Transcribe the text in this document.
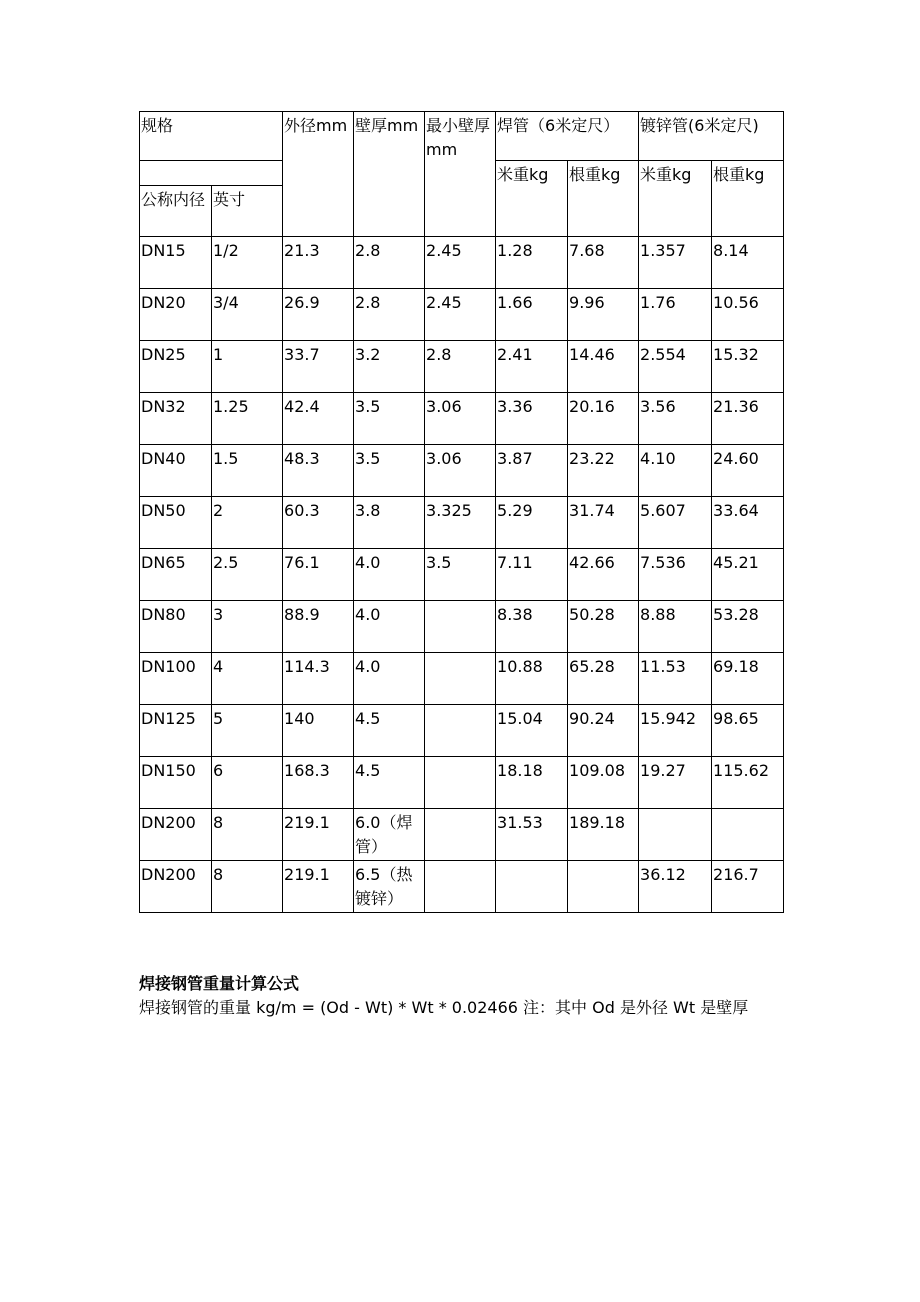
规格		外径mm	壁厚mm	最小壁厚mm	焊管（6米定尺）		镀锌管(6米定尺)	
					米重kg	根重kg	米重kg	根重kg
公称内径	英寸							
DN15	1/2	21.3	2.8	2.45	1.28	7.68	1.357	8.14
DN20	3/4	26.9	2.8	2.45	1.66	9.96	1.76	10.56
DN25	1	33.7	3.2	2.8	2.41	14.46	2.554	15.32
DN32	1.25	42.4	3.5	3.06	3.36	20.16	3.56	21.36
DN40	1.5	48.3	3.5	3.06	3.87	23.22	4.10	24.60
DN50	2	60.3	3.8	3.325	5.29	31.74	5.607	33.64
DN65	2.5	76.1	4.0	3.5	7.11	42.66	7.536	45.21
DN80	3	88.9	4.0		8.38	50.28	8.88	53.28
DN100	4	114.3	4.0		10.88	65.28	11.53	69.18
DN125	5	140	4.5		15.04	90.24	15.942	98.65
DN150	6	168.3	4.5		18.18	109.08	19.27	115.62
DN200	8	219.1	6.0（焊管）		31.53	189.18		
DN200	8	219.1	6.5（热镀锌）				36.12	216.7
焊接钢管重量计算公式
焊接钢管的重量 kg/m = (Od - Wt) * Wt * 0.02466 注：其中 Od 是外径 Wt 是壁厚
